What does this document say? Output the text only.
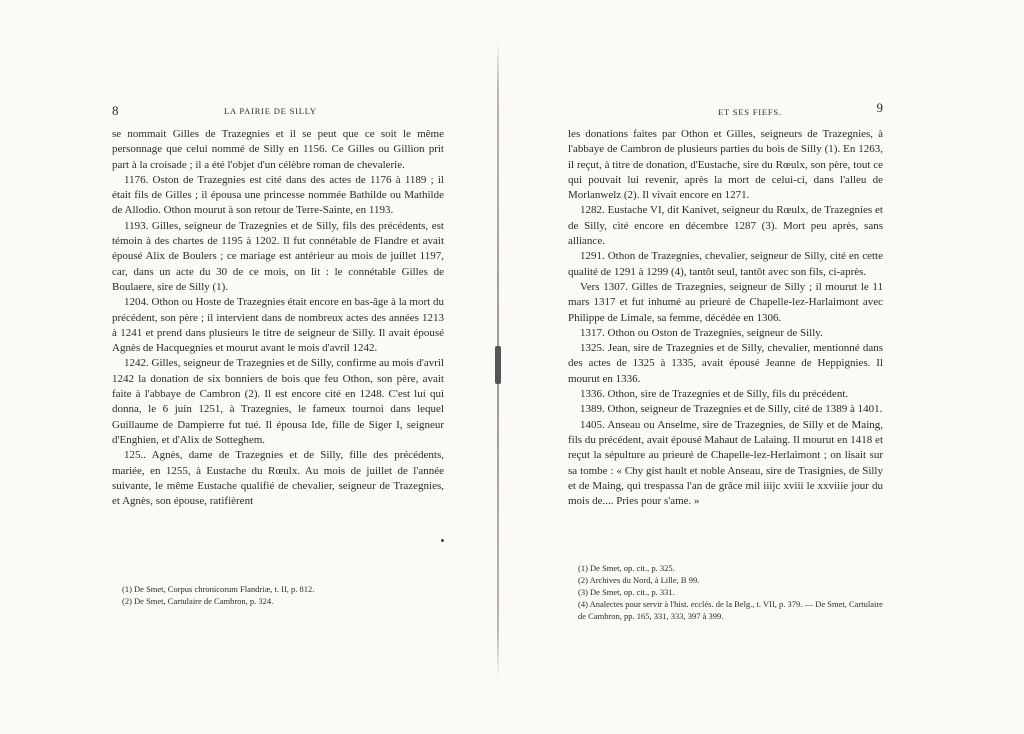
8	LA PAIRIE DE SILLY

se nommait Gilles de Trazegnies et il se peut que ce soit le même personnage que celui nommé de Silly en 1156. Ce Gilles ou Gillion prit part à la croisade ; il a été l'objet d'un célèbre roman de chevalerie.

1176. Oston de Trazegnies est cité dans des actes de 1176 à 1189 ; il était fils de Gilles ; il épousa une princesse nommée Bathilde ou Mathilde de Allodio. Othon mourut à son retour de Terre-Sainte, en 1193.

1193. Gilles, seigneur de Trazegnies et de Silly, fils des précédents, est témoin à des chartes de 1195 à 1202. Il fut connétable de Flandre et avait épousé Alix de Boulers ; ce mariage est antérieur au mois de juillet 1197, car, dans un acte du 30 de ce mois, on lit : le connétable Gilles de Boulaere, sire de Silly (1).

1204. Othon ou Hoste de Trazegnies était encore en bas-âge à la mort du précédent, son père ; il intervient dans de nombreux actes des années 1213 à 1241 et prend dans plusieurs le titre de seigneur de Silly. Il avait épousé Agnès de Hacquegnies et mourut avant le mois d'avril 1242.

1242. Gilles, seigneur de Trazegnies et de Silly, confirme au mois d'avril 1242 la donation de six bonniers de bois que feu Othon, son père, avait faite à l'abbaye de Cambron (2). Il est encore cité en 1248. C'est lui qui donna, le 6 juin 1251, à Trazegnies, le fameux tournoi dans lequel Guillaume de Dampierre fut tué. Il épousa Ide, fille de Siger I, seigneur d'Enghien, et d'Alix de Sotteghem.

125.. Agnès, dame de Trazegnies et de Silly, fille des précédents, mariée, en 1255, à Eustache du Rœulx. Au mois de juillet de l'année suivante, le même Eustache qualifié de chevalier, seigneur de Trazegnies, et Agnès, son épouse, ratifièrent

(1) De Smet, Corpus chronicorum Flandriæ, t. II, p. 812.
(2) De Smet, Cartulaire de Cambron, p. 324.
ET SES FIEFS.	9

les donations faites par Othon et Gilles, seigneurs de Trazegnies, à l'abbaye de Cambron de plusieurs parties du bois de Silly (1). En 1263, il reçut, à titre de donation, d'Eustache, sire du Rœulx, son père, tout ce qui pouvait lui revenir, après la mort de celui-ci, dans l'alleu de Morlanwelz (2). Il vivait encore en 1271.

1282. Eustache VI, dit Kanivet, seigneur du Rœulx, de Trazegnies et de Silly, cité encore en décembre 1287 (3). Mort peu après, sans alliance.

1291. Othon de Trazegnies, chevalier, seigneur de Silly, cité en cette qualité de 1291 à 1299 (4), tantôt seul, tantôt avec son fils, ci-après.

Vers 1307. Gilles de Trazegnies, seigneur de Silly ; il mourut le 11 mars 1317 et fut inhumé au prieuré de Chapelle-lez-Harlaimont avec Philippe de Limale, sa femme, décédée en 1306.

1317. Othon ou Oston de Trazegnies, seigneur de Silly.

1325. Jean, sire de Trazegnies et de Silly, chevalier, mentionné dans des actes de 1325 à 1335, avait épousé Jeanne de Heppignies. Il mourut en 1336.

1336. Othon, sire de Trazegnies et de Silly, fils du précédent.

1389. Othon, seigneur de Trazegnies et de Silly, cité de 1389 à 1401.

1405. Anseau ou Anselme, sire de Trazegnies, de Silly et de Maing, fils du précédent, avait épousé Mahaut de Lalaing. Il mourut en 1418 et reçut la sépulture au prieuré de Chapelle-lez-Herlaimont ; on lisait sur sa tombe : « Chy gist hault et noble Anseau, sire de Trasignies, de Silly et de Maing, qui trespassa l'an de grâce mil iiijc xviii le xxviiie jour du mois de.... Pries pour s'ame. »

(1) De Smet, op. cit., p. 325.
(2) Archives du Nord, à Lille, B 99.
(3) De Smet, op. cit., p. 331.
(4) Analectes pour servir à l'hist. ecclés. de la Belg., t. VII, p. 379. — De Smet, Cartulaire de Cambron, pp. 165, 331, 333, 397 à 399.
